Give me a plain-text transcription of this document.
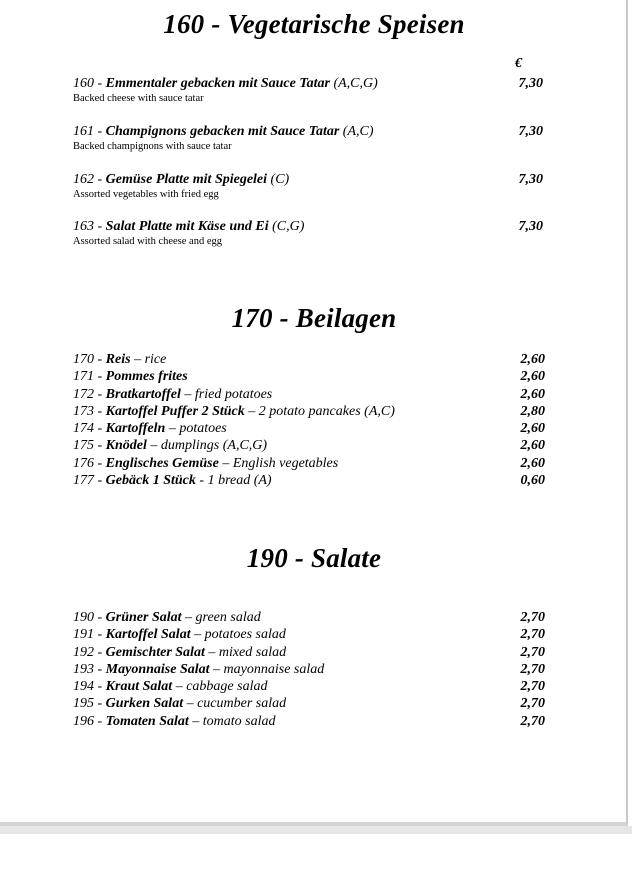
160 - Vegetarische Speisen
€
160 - Emmentaler gebacken mit Sauce Tatar (A,C,G)
Backed cheese with sauce tatar
7,30
161 - Champignons gebacken mit Sauce Tatar (A,C)
Backed champignons with sauce tatar
7,30
162 - Gemüse Platte mit Spiegelei (C)
Assorted vegetables with fried egg
7,30
163 - Salat Platte mit Käse und Ei (C,G)
Assorted salad with cheese and egg
7,30
170 - Beilagen
170 - Reis – rice	2,60
171 - Pommes frites	2,60
172 - Bratkartoffel – fried potatoes	2,60
173 - Kartoffel Puffer 2 Stück – 2 potato pancakes (A,C)	2,80
174 - Kartoffeln – potatoes	2,60
175 - Knödel – dumplings (A,C,G)	2,60
176 - Englisches Gemüse – English vegetables	2,60
177 - Gebäck 1 Stück - 1 bread (A)	0,60
190 - Salate
190 - Grüner Salat – green salad	2,70
191 - Kartoffel Salat – potatoes salad	2,70
192 - Gemischter Salat – mixed salad	2,70
193 - Mayonnaise Salat – mayonnaise salad	2,70
194 - Kraut Salat – cabbage salad	2,70
195 - Gurken Salat – cucumber salad	2,70
196 - Tomaten Salat – tomato salad	2,70
